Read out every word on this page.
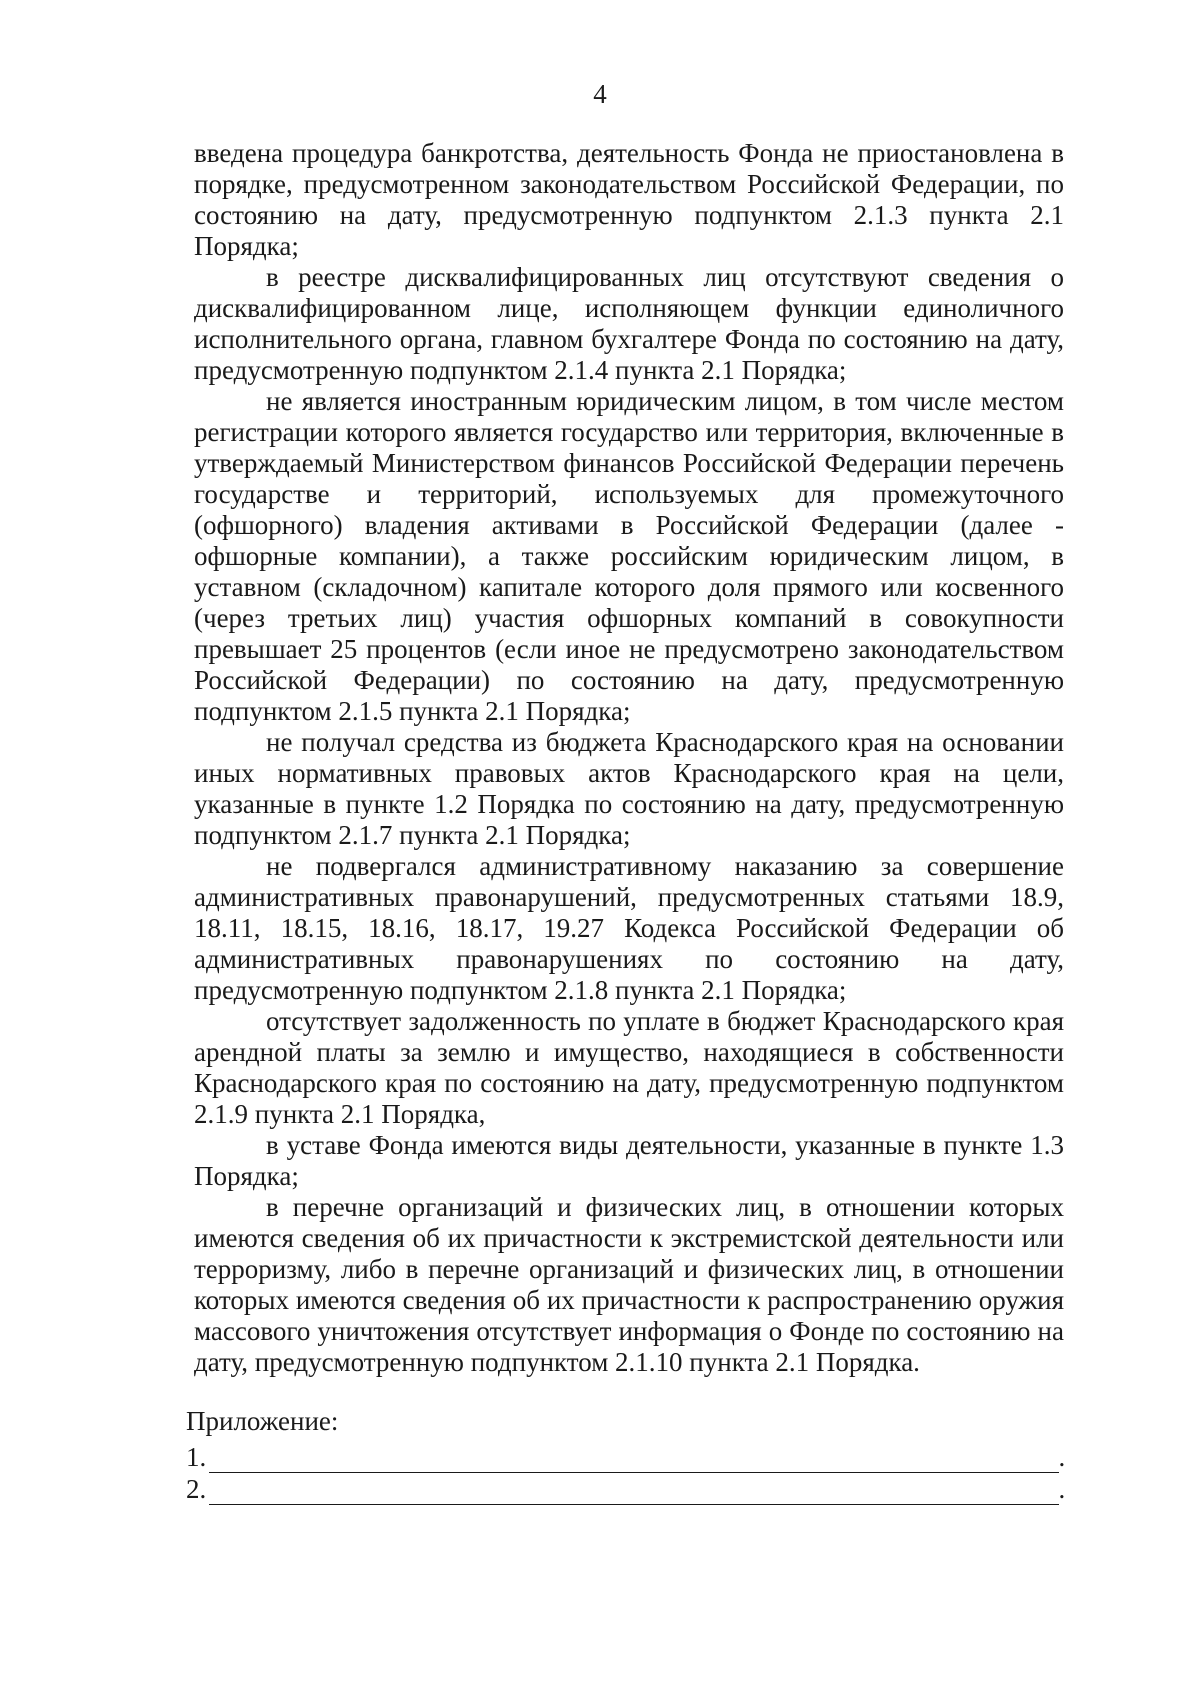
4

введена процедура банкротства, деятельность Фонда не приостановлена в порядке, предусмотренном законодательством Российской Федерации, по состоянию на дату, предусмотренную подпунктом 2.1.3 пункта 2.1 Порядка;

в реестре дисквалифицированных лиц отсутствуют сведения о дисквалифицированном лице, исполняющем функции единоличного исполнительного органа, главном бухгалтере Фонда по состоянию на дату, предусмотренную подпунктом 2.1.4 пункта 2.1 Порядка;

не является иностранным юридическим лицом, в том числе местом регистрации которого является государство или территория, включенные в утверждаемый Министерством финансов Российской Федерации перечень государстве и территорий, используемых для промежуточного (офшорного) владения активами в Российской Федерации (далее - офшорные компании), а также российским юридическим лицом, в уставном (складочном) капитале которого доля прямого или косвенного (через третьих лиц) участия офшорных компаний в совокупности превышает 25 процентов (если иное не предусмотрено законодательством Российской Федерации) по состоянию на дату, предусмотренную подпунктом 2.1.5 пункта 2.1 Порядка;

не получал средства из бюджета Краснодарского края на основании иных нормативных правовых актов Краснодарского края на цели, указанные в пункте 1.2 Порядка по состоянию на дату, предусмотренную подпунктом 2.1.7 пункта 2.1 Порядка;

не подвергался административному наказанию за совершение административных правонарушений, предусмотренных статьями 18.9, 18.11, 18.15, 18.16, 18.17, 19.27 Кодекса Российской Федерации об административных правонарушениях по состоянию на дату, предусмотренную подпунктом 2.1.8 пункта 2.1 Порядка;

отсутствует задолженность по уплате в бюджет Краснодарского края арендной платы за землю и имущество, находящиеся в собственности Краснодарского края по состоянию на дату, предусмотренную подпунктом 2.1.9 пункта 2.1 Порядка,

в уставе Фонда имеются виды деятельности, указанные в пункте 1.3 Порядка;

в перечне организаций и физических лиц, в отношении которых имеются сведения об их причастности к экстремистской деятельности или терроризму, либо в перечне организаций и физических лиц, в отношении которых имеются сведения об их причастности к распространению оружия массового уничтожения отсутствует информация о Фонде по состоянию на дату, предусмотренную подпунктом 2.1.10 пункта 2.1 Порядка.

Приложение:

1.	.
2.	.
